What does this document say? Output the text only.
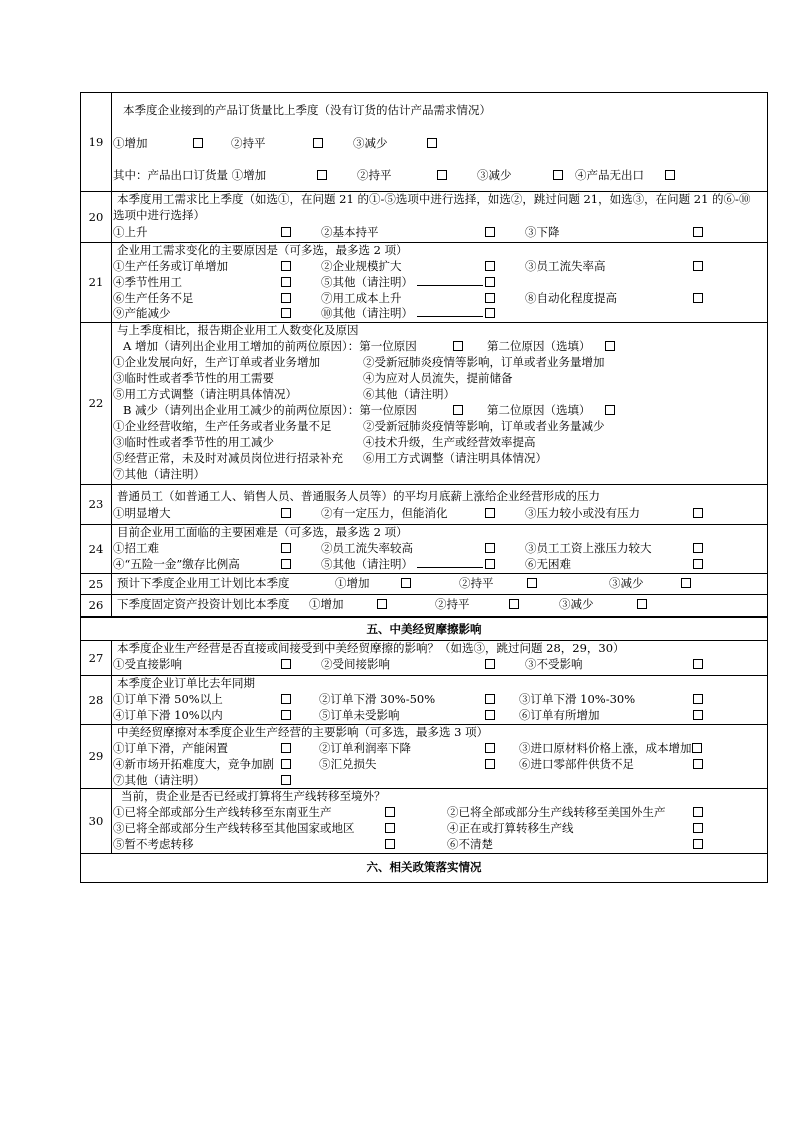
19
本季度企业接到的产品订货量比上季度（没有订货的估计产品需求情况）
①增加	②持平	③减少
其中：产品出口订货量 ①增加	②持平	③减少	④产品无出口
20
本季度用工需求比上季度（如选①，在问题 21 的①-⑤选项中进行选择，如选②，跳过问题 21，如选③，在问题 21 的⑥-⑩
选项中进行选择）
①上升	②基本持平	③下降
21
企业用工需求变化的主要原因是（可多选，最多选 2 项）
①生产任务或订单增加	②企业规模扩大	③员工流失率高
④季节性用工	⑤其他（请注明）
⑥生产任务不足	⑦用工成本上升	⑧自动化程度提高
⑨产能减少	⑩其他（请注明）
22
与上季度相比，报告期企业用工人数变化及原因
A 增加（请列出企业用工增加的前两位原因）：第一位原因	第二位原因（选填）
①企业发展向好，生产订单或者业务增加	②受新冠肺炎疫情等影响，订单或者业务量增加
③临时性或者季节性的用工需要	④为应对人员流失，提前储备
⑤用工方式调整（请注明具体情况）	⑥其他（请注明）
B 减少（请列出企业用工减少的前两位原因）：第一位原因	第二位原因（选填）
①企业经营收缩，生产任务或者业务量不足	②受新冠肺炎疫情等影响，订单或者业务量减少
③临时性或者季节性的用工减少	④技术升级，生产或经营效率提高
⑤经营正常，未及时对减员岗位进行招录补充 ⑥用工方式调整（请注明具体情况）
⑦其他（请注明）
23
普通员工（如普通工人、销售人员、普通服务人员等）的平均月底薪上涨给企业经营形成的压力
①明显增大	②有一定压力，但能消化	③压力较小或没有压力
24
目前企业用工面临的主要困难是（可多选，最多选 2 项）
①招工难	②员工流失率较高	③员工工资上涨压力较大
④“五险一金”缴存比例高	⑤其他（请注明）	⑥无困难
25	预计下季度企业用工计划比本季度	①增加	②持平	③减少
26	下季度固定资产投资计划比本季度 ①增加	②持平	③减少
五、中美经贸摩擦影响
27
本季度企业生产经营是否直接或间接受到中美经贸摩擦的影响？（如选③，跳过问题 28，29，30）
①受直接影响	②受间接影响	③不受影响
28
本季度企业订单比去年同期
①订单下滑 50%以上	②订单下滑 30%-50%	③订单下滑 10%-30%
④订单下滑 10%以内	⑤订单未受影响	⑥订单有所增加
29
中美经贸摩擦对本季度企业生产经营的主要影响（可多选，最多选 3 项）
①订单下滑，产能闲置	②订单利润率下降	③进口原材料价格上涨，成本增加
④新市场开拓难度大，竞争加剧	⑤汇兑损失	⑥进口零部件供货不足
⑦其他（请注明）
30
当前，贵企业是否已经或打算将生产线转移至境外？
①已将全部或部分生产线转移至东南亚生产	②已将全部或部分生产线转移至美国外生产
③已将全部或部分生产线转移至其他国家或地区	④正在或打算转移生产线
⑤暂不考虑转移	⑥不清楚
六、相关政策落实情况
